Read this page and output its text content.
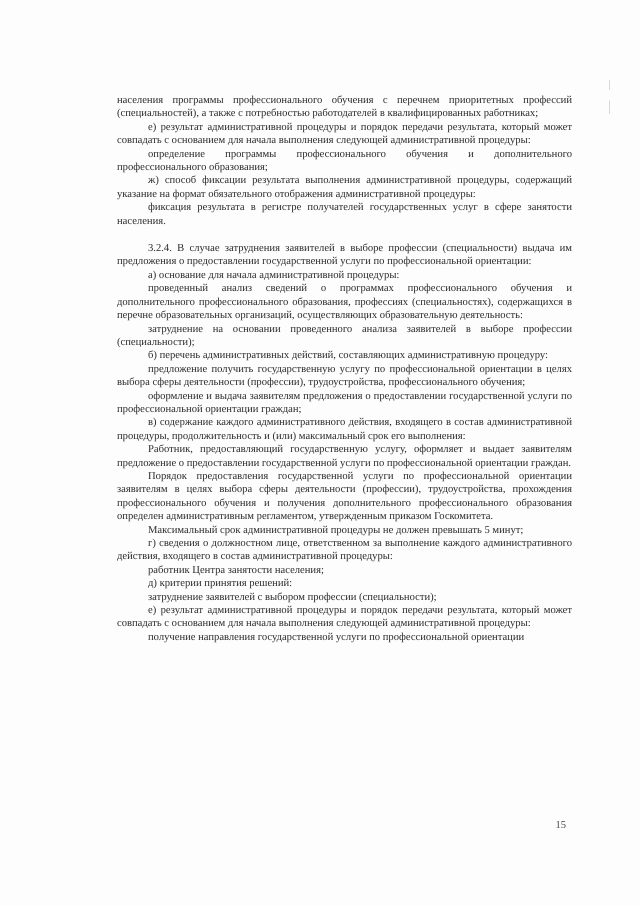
населения программы профессионального обучения с перечнем приоритетных профессий (специальностей), а также с потребностью работодателей в квалифицированных работниках;

е) результат административной процедуры и порядок передачи результата, который может совпадать с основанием для начала выполнения следующей административной процедуры:

определение программы профессионального обучения и дополнительного профессионального образования;

ж) способ фиксации результата выполнения административной процедуры, содержащий указание на формат обязательного отображения административной процедуры:

фиксация результата в регистре получателей государственных услуг в сфере занятости населения.

3.2.4. В случае затруднения заявителей в выборе профессии (специальности) выдача им предложения о предоставлении государственной услуги по профессиональной ориентации:

а) основание для начала административной процедуры:

проведенный анализ сведений о программах профессионального обучения и дополнительного профессионального образования, профессиях (специальностях), содержащихся в перечне образовательных организаций, осуществляющих образовательную деятельность:

затруднение на основании проведенного анализа заявителей в выборе профессии (специальности);

б) перечень административных действий, составляющих административную процедуру:

предложение получить государственную услугу по профессиональной ориентации в целях выбора сферы деятельности (профессии), трудоустройства, профессионального обучения;

оформление и выдача заявителям предложения о предоставлении государственной услуги по профессиональной ориентации граждан;

в) содержание каждого административного действия, входящего в состав административной процедуры, продолжительность и (или) максимальный срок его выполнения:

Работник, предоставляющий государственную услугу, оформляет и выдает заявителям предложение о предоставлении государственной услуги по профессиональной ориентации граждан.

Порядок предоставления государственной услуги по профессиональной ориентации заявителям в целях выбора сферы деятельности (профессии), трудоустройства, прохождения профессионального обучения и получения дополнительного профессионального образования определен административным регламентом, утвержденным приказом Госкомитета.

Максимальный срок административной процедуры не должен превышать 5 минут;

г) сведения о должностном лице, ответственном за выполнение каждого административного действия, входящего в состав административной процедуры:

работник Центра занятости населения;

д) критерии принятия решений:

затруднение заявителей с выбором профессии (специальности);

е) результат административной процедуры и порядок передачи результата, который может совпадать с основанием для начала выполнения следующей административной процедуры:

получение направления государственной услуги по профессиональной ориентации

15
